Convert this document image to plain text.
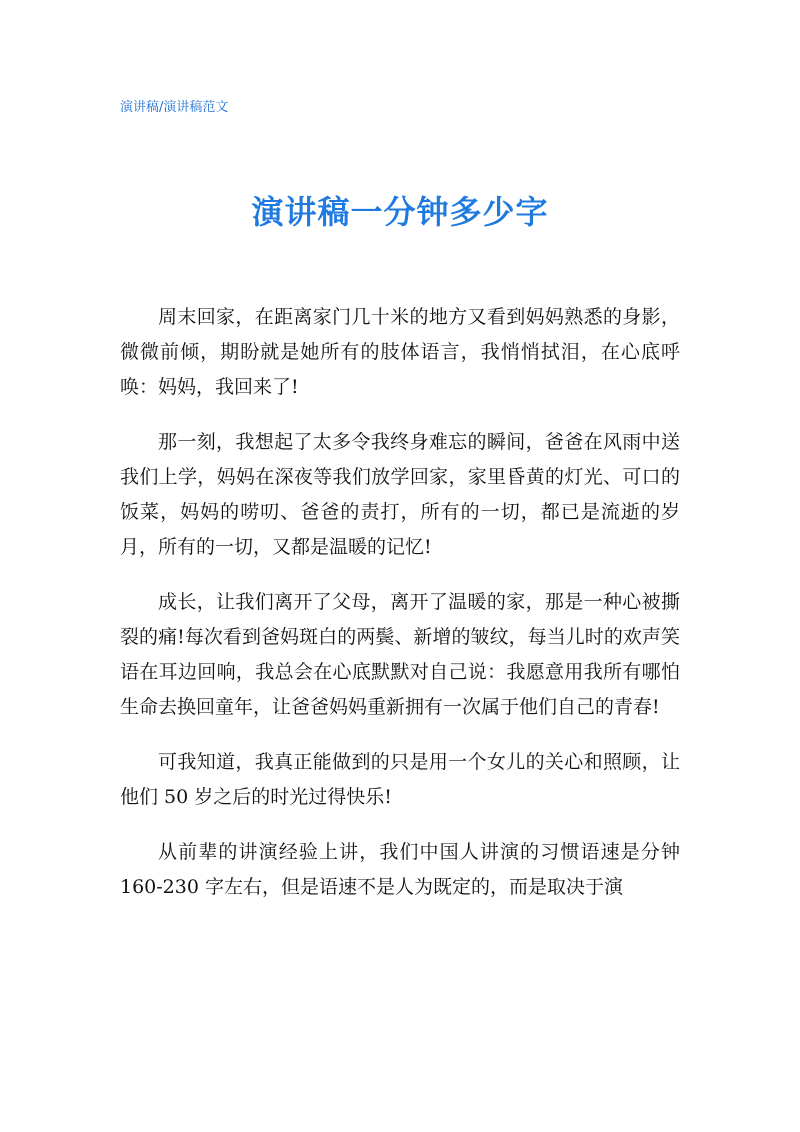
演讲稿/演讲稿范文
演讲稿一分钟多少字

周末回家，在距离家门几十米的地方又看到妈妈熟悉的身影，微微前倾，期盼就是她所有的肢体语言，我悄悄拭泪，在心底呼唤：妈妈，我回来了!

那一刻，我想起了太多令我终身难忘的瞬间，爸爸在风雨中送我们上学，妈妈在深夜等我们放学回家，家里昏黄的灯光、可口的饭菜，妈妈的唠叨、爸爸的责打，所有的一切，都已是流逝的岁月，所有的一切，又都是温暖的记忆!

成长，让我们离开了父母，离开了温暖的家，那是一种心被撕裂的痛!每次看到爸妈斑白的两鬓、新增的皱纹，每当儿时的欢声笑语在耳边回响，我总会在心底默默对自己说：我愿意用我所有哪怕生命去换回童年，让爸爸妈妈重新拥有一次属于他们自己的青春!

可我知道，我真正能做到的只是用一个女儿的关心和照顾，让他们 50 岁之后的时光过得快乐!

从前辈的讲演经验上讲，我们中国人讲演的习惯语速是分钟 160-230 字左右，但是语速不是人为既定的，而是取决于演
